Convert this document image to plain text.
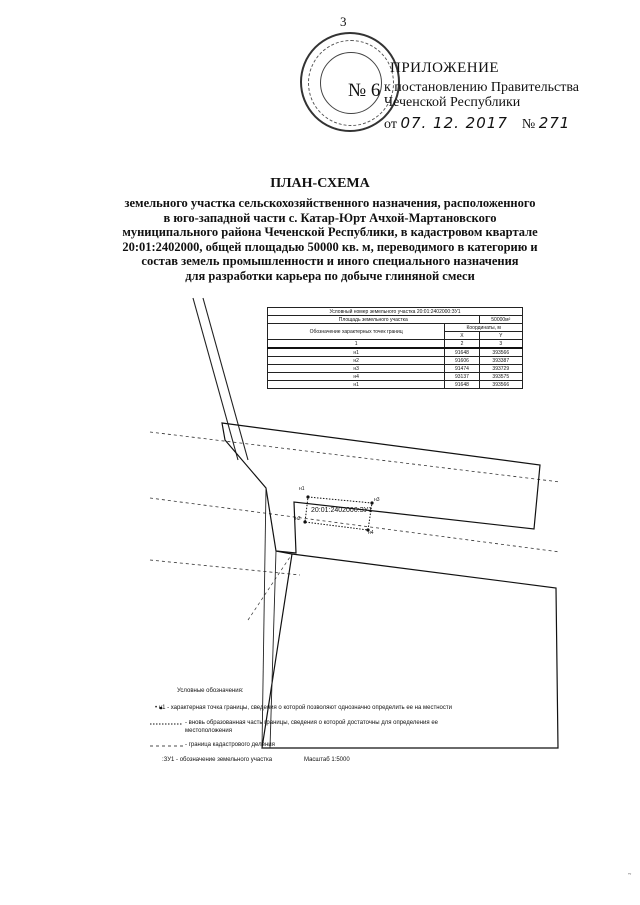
3
ПРИЛОЖЕНИЕ
№ 6 к постановлению Правительства
Чеченской Республики
от 07. 12. 2017 № 271
ПЛАН-СХЕМА
земельного участка сельскохозяйственного назначения, расположенного
в юго-западной части с. Катар-Юрт Ачхой-Мартановского
муниципального района Чеченской Республики, в кадастровом квартале
20:01:2402000, общей площадью 50000 кв. м, переводимого в категорию и
состав земель промышленности и иного специального назначения
для разработки карьера по добыче глиняной смеси
н1
н3
н4
н2
20:01:2402000:ЗУ1
Условный номер земельного участка 20:01:2402000:ЗУ1		
Площадь земельного участка		50000м²
Обозначение характерных точек границ	Координаты, м	
	X	Y
1	2	3
н1	91648	393566
н2	91606	393387
н3	91474	393729
н4	93137	393575
н1	91648	393566
Условные обозначения:
• н1 - характерная точка границы, сведения о которой позволяют однозначно определить ее на местности
- вновь образованная часть границы, сведения о которой достаточны для определения ее
местоположения
- граница кадастрового деления
:ЗУ1 - обозначение земельного участка	Масштаб 1:5000
~
